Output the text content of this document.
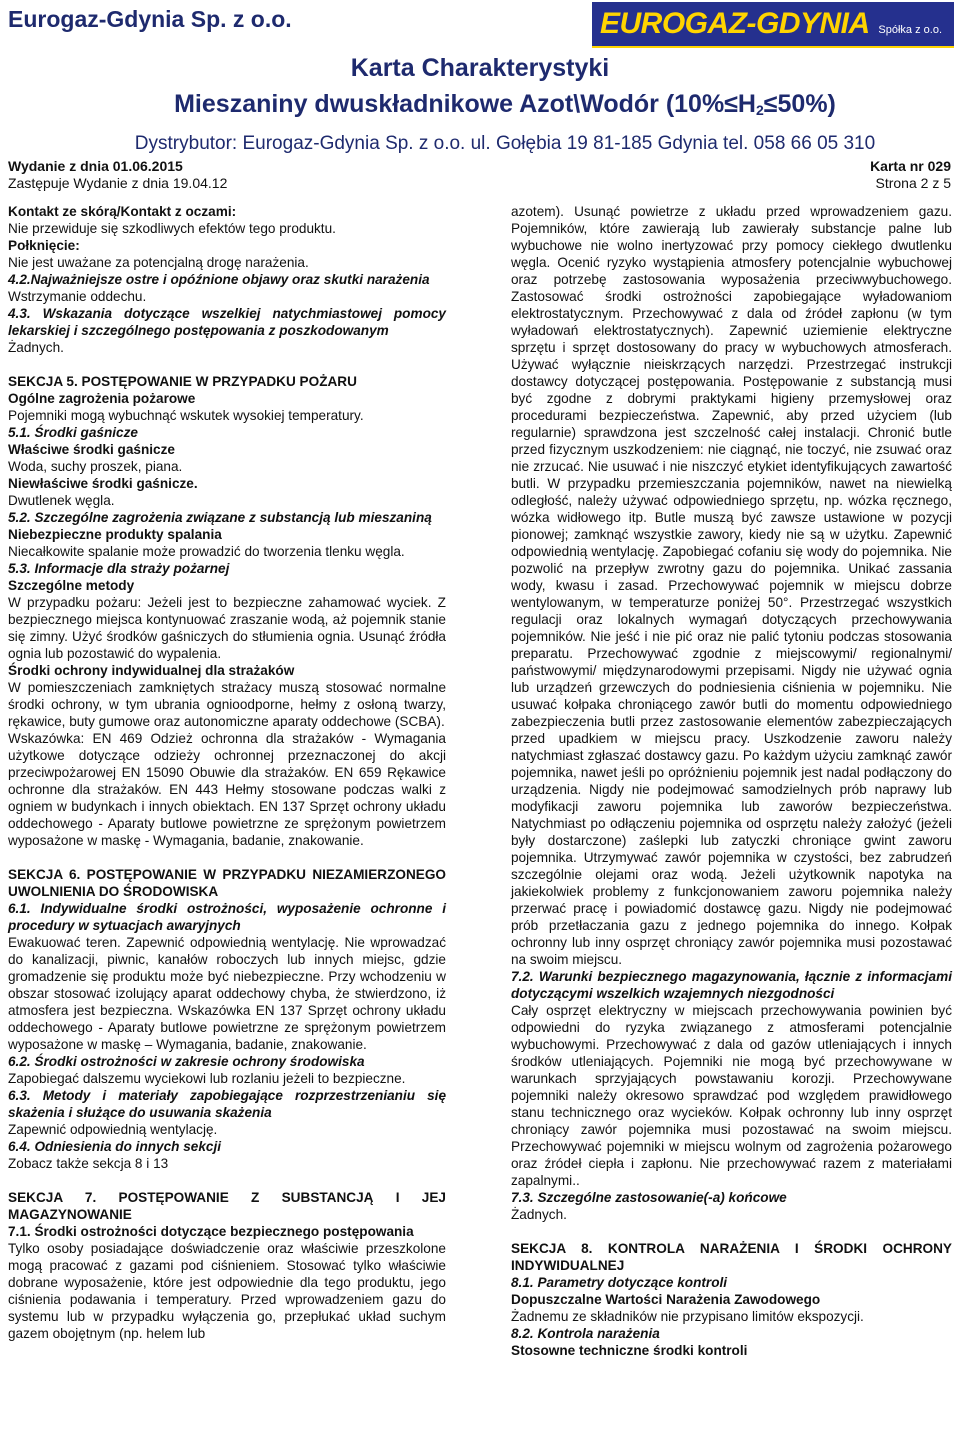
Eurogaz-Gdynia Sp. z o.o.	EUROGAZ-GDYNIA Spółka z o.o.
Karta Charakterystyki
Mieszaniny dwuskładnikowe Azot\Wodór $(10\%\le H_2\le 50\%)$
Dystrybutor: Eurogaz-Gdynia Sp. z o.o. ul. Gołębia 19 81-185 Gdynia tel. 058 66 05 310
Wydanie z dnia 01.06.2015
Zastępuje Wydanie z dnia 19.04.12
Karta nr 029
Strona 2 z 5

Kontakt ze skórą/Kontakt z oczami:

Nie przewiduje się szkodliwych efektów tego produktu.

Połknięcie:

Nie jest uważane za potencjalną drogę narażenia.

4.2.Najważniejsze ostre i opóźnione objawy oraz skutki narażenia

Wstrzymanie oddechu.

4.3. Wskazania dotyczące wszelkiej natychmiastowej pomocy lekarskiej i szczególnego postępowania z poszkodowanym

Żadnych.

SEKCJA 5. POSTĘPOWANIE W PRZYPADKU POŻARU

Ogólne zagrożenia pożarowe

Pojemniki mogą wybuchnąć wskutek wysokiej temperatury.

5.1. Środki gaśnicze

Właściwe środki gaśnicze

Woda, suchy proszek, piana.

Niewłaściwe środki gaśnicze.

Dwutlenek węgla.

5.2. Szczególne zagrożenia związane z substancją lub mieszaniną

Niebezpieczne produkty spalania

Niecałkowite spalanie może prowadzić do tworzenia tlenku węgla.

5.3. Informacje dla straży pożarnej

Szczególne metody

W przypadku pożaru: Jeżeli jest to bezpieczne zahamować wyciek. Z bezpiecznego miejsca kontynuować zraszanie wodą, aż pojemnik stanie się zimny. Użyć środków gaśniczych do stłumienia ognia. Usunąć źródła ognia lub pozostawić do wypalenia.

Środki ochrony indywidualnej dla strażaków

W pomieszczeniach zamkniętych strażacy muszą stosować normalne środki ochrony, w tym ubrania ognioodporne, hełmy z osłoną twarzy, rękawice, buty gumowe oraz autonomiczne aparaty oddechowe (SCBA).

Wskazówka: EN 469 Odzież ochronna dla strażaków - Wymagania użytkowe dotyczące odzieży ochronnej przeznaczonej do akcji przeciwpożarowej EN 15090 Obuwie dla strażaków. EN 659 Rękawice ochronne dla strażaków. EN 443 Hełmy stosowane podczas walki z ogniem w budynkach i innych obiektach. EN 137 Sprzęt ochrony układu oddechowego - Aparaty butlowe powietrzne ze sprężonym powietrzem wyposażone w maskę - Wymagania, badanie, znakowanie.

SEKCJA 6. POSTĘPOWANIE W PRZYPADKU NIEZAMIERZONEGO UWOLNIENIA DO ŚRODOWISKA

6.1. Indywidualne środki ostrożności, wyposażenie ochronne i procedury w sytuacjach awaryjnych

Ewakuować teren. Zapewnić odpowiednią wentylację. Nie wprowadzać do kanalizacji, piwnic, kanałów roboczych lub innych miejsc, gdzie gromadzenie się produktu może być niebezpieczne. Przy wchodzeniu w obszar stosować izolujący aparat oddechowy chyba, że stwierdzono, iż atmosfera jest bezpieczna. Wskazówka EN 137 Sprzęt ochrony układu oddechowego - Aparaty butlowe powietrzne ze sprężonym powietrzem wyposażone w maskę – Wymagania, badanie, znakowanie.

6.2. Środki ostrożności w zakresie ochrony środowiska

Zapobiegać dalszemu wyciekowi lub rozlaniu jeżeli to bezpieczne.

6.3. Metody i materiały zapobiegające rozprzestrzenianiu się skażenia i służące do usuwania skażenia

Zapewnić odpowiednią wentylację.

6.4. Odniesienia do innych sekcji

Zobacz także sekcja 8 i 13

SEKCJA 7. POSTĘPOWANIE Z SUBSTANCJĄ I JEJ MAGAZYNOWANIE

7.1. Środki ostrożności dotyczące bezpiecznego postępowania

Tylko osoby posiadające doświadczenie oraz właściwie przeszkolone mogą pracować z gazami pod ciśnieniem. Stosować tylko właściwie dobrane wyposażenie, które jest odpowiednie dla tego produktu, jego ciśnienia podawania i temperatury. Przed wprowadzeniem gazu do systemu lub w przypadku wyłączenia go, przepłukać układ suchym gazem obojętnym (np. helem lub

azotem). Usunąć powietrze z układu przed wprowadzeniem gazu. Pojemników, które zawierają lub zawierały substancje palne lub wybuchowe nie wolno inertyzować przy pomocy ciekłego dwutlenku węgla. Ocenić ryzyko wystąpienia atmosfery potencjalnie wybuchowej oraz potrzebę zastosowania wyposażenia przeciwwybuchowego. Zastosować środki ostrożności zapobiegające wyładowaniom elektrostatycznym. Przechowywać z dala od źródeł zapłonu (w tym wyładowań elektrostatycznych). Zapewnić uziemienie elektryczne sprzętu i sprzęt dostosowany do pracy w wybuchowych atmosferach. Używać wyłącznie nieiskrzących narzędzi. Przestrzegać instrukcji dostawcy dotyczącej postępowania. Postępowanie z substancją musi być zgodne z dobrymi praktykami higieny przemysłowej oraz procedurami bezpieczeństwa. Zapewnić, aby przed użyciem (lub regularnie) sprawdzona jest szczelność całej instalacji. Chronić butle przed fizycznym uszkodzeniem: nie ciągnąć, nie toczyć, nie zsuwać oraz nie zrzucać. Nie usuwać i nie niszczyć etykiet identyfikujących zawartość butli. W przypadku przemieszczania pojemników, nawet na niewielką odległość, należy używać odpowiedniego sprzętu, np. wózka ręcznego, wózka widłowego itp. Butle muszą być zawsze ustawione w pozycji pionowej; zamknąć wszystkie zawory, kiedy nie są w użytku. Zapewnić odpowiednią wentylację. Zapobiegać cofaniu się wody do pojemnika. Nie pozwolić na przepływ zwrotny gazu do pojemnika. Unikać zassania wody, kwasu i zasad. Przechowywać pojemnik w miejscu dobrze wentylowanym, w temperaturze poniżej 50°. Przestrzegać wszystkich regulacji oraz lokalnych wymagań dotyczących przechowywania pojemników. Nie jeść i nie pić oraz nie palić tytoniu podczas stosowania preparatu. Przechowywać zgodnie z miejscowymi/ regionalnymi/ państwowymi/ międzynarodowymi przepisami. Nigdy nie używać ognia lub urządzeń grzewczych do podniesienia ciśnienia w pojemniku. Nie usuwać kołpaka chroniącego zawór butli do momentu odpowiedniego zabezpieczenia butli przez zastosowanie elementów zabezpieczających przed upadkiem w miejscu pracy. Uszkodzenie zaworu należy natychmiast zgłaszać dostawcy gazu. Po każdym użyciu zamknąć zawór pojemnika, nawet jeśli po opróżnieniu pojemnik jest nadal podłączony do urządzenia. Nigdy nie podejmować samodzielnych prób naprawy lub modyfikacji zaworu pojemnika lub zaworów bezpieczeństwa. Natychmiast po odłączeniu pojemnika od osprzętu należy założyć (jeżeli były dostarczone) zaślepki lub zatyczki chroniące gwint zaworu pojemnika. Utrzymywać zawór pojemnika w czystości, bez zabrudzeń szczególnie olejami oraz wodą. Jeżeli użytkownik napotyka na jakiekolwiek problemy z funkcjonowaniem zaworu pojemnika należy przerwać pracę i powiadomić dostawcę gazu. Nigdy nie podejmować prób przetłaczania gazu z jednego pojemnika do innego. Kołpak ochronny lub inny osprzęt chroniący zawór pojemnika musi pozostawać na swoim miejscu.

7.2. Warunki bezpiecznego magazynowania, łącznie z informacjami dotyczącymi wszelkich wzajemnych niezgodności

Cały osprzęt elektryczny w miejscach przechowywania powinien być odpowiedni do ryzyka związanego z atmosferami potencjalnie wybuchowymi. Przechowywać z dala od gazów utleniających i innych środków utleniających. Pojemniki nie mogą być przechowywane w warunkach sprzyjających powstawaniu korozji. Przechowywane pojemniki należy okresowo sprawdzać pod względem prawidłowego stanu technicznego oraz wycieków. Kołpak ochronny lub inny osprzęt chroniący zawór pojemnika musi pozostawać na swoim miejscu. Przechowywać pojemniki w miejscu wolnym od zagrożenia pożarowego oraz źródeł ciepła i zapłonu. Nie przechowywać razem z materiałami zapalnymi..

7.3. Szczególne zastosowanie(-a) końcowe

Żadnych.

SEKCJA 8. KONTROLA NARAŻENIA I ŚRODKI OCHRONY INDYWIDUALNEJ

8.1. Parametry dotyczące kontroli

Dopuszczalne Wartości Narażenia Zawodowego

Żadnemu ze składników nie przypisano limitów ekspozycji.

8.2. Kontrola narażenia

Stosowne techniczne środki kontroli
